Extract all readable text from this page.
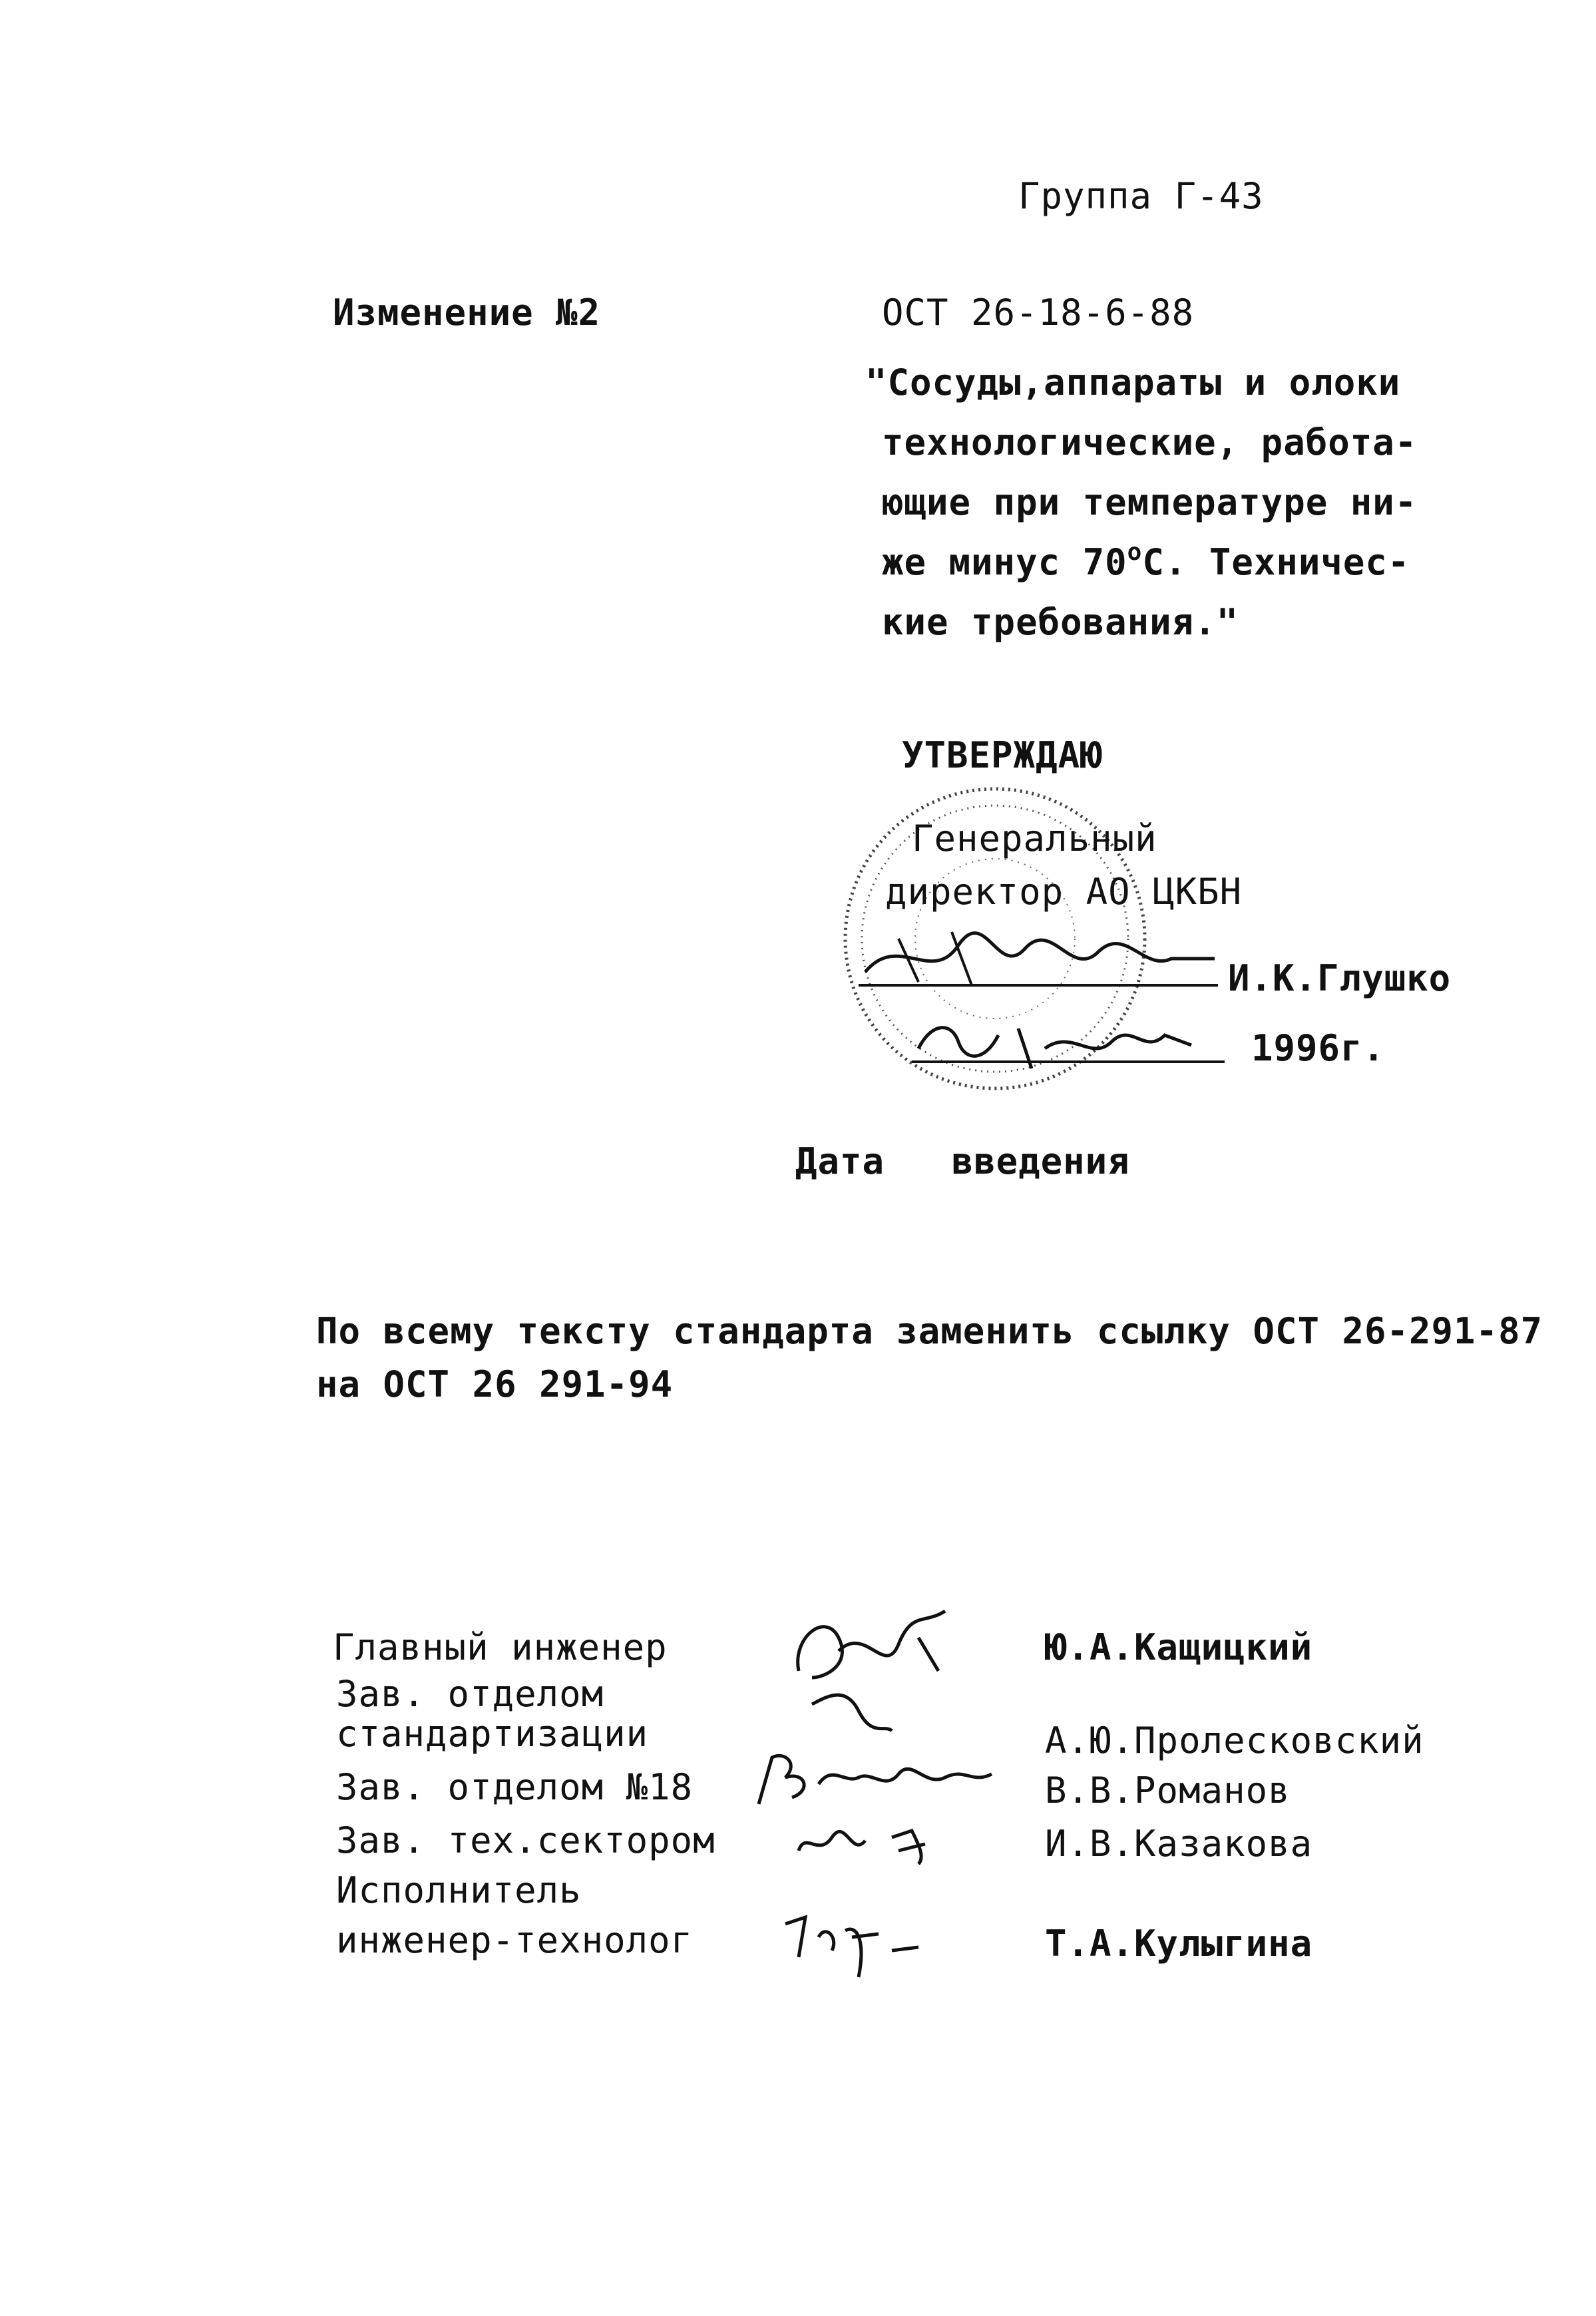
Группа Г-43
Изменение №2	ОСТ 26-18-6-88
"Сосуды,аппараты и олоки
технологические, работа-
ющие при температуре ни-
же минус $70^оС$. Техничес-
кие требования."
УТВЕРЖДАЮ
Генеральный
директор АО ЦКБН
И.К.Глушко
1996г.
Дата   введения
По всему тексту стандарта заменить ссылку ОСТ 26-291-87
на ОСТ 26 291-94
Главный инженер	Ю.А.Кащицкий
Зав. отделом
стандартизации	А.Ю.Пролесковский
Зав. отделом №18	В.В.Романов
Зав. тех.сектором	И.В.Казакова
Исполнитель
инженер-технолог	Т.А.Кулыгина
